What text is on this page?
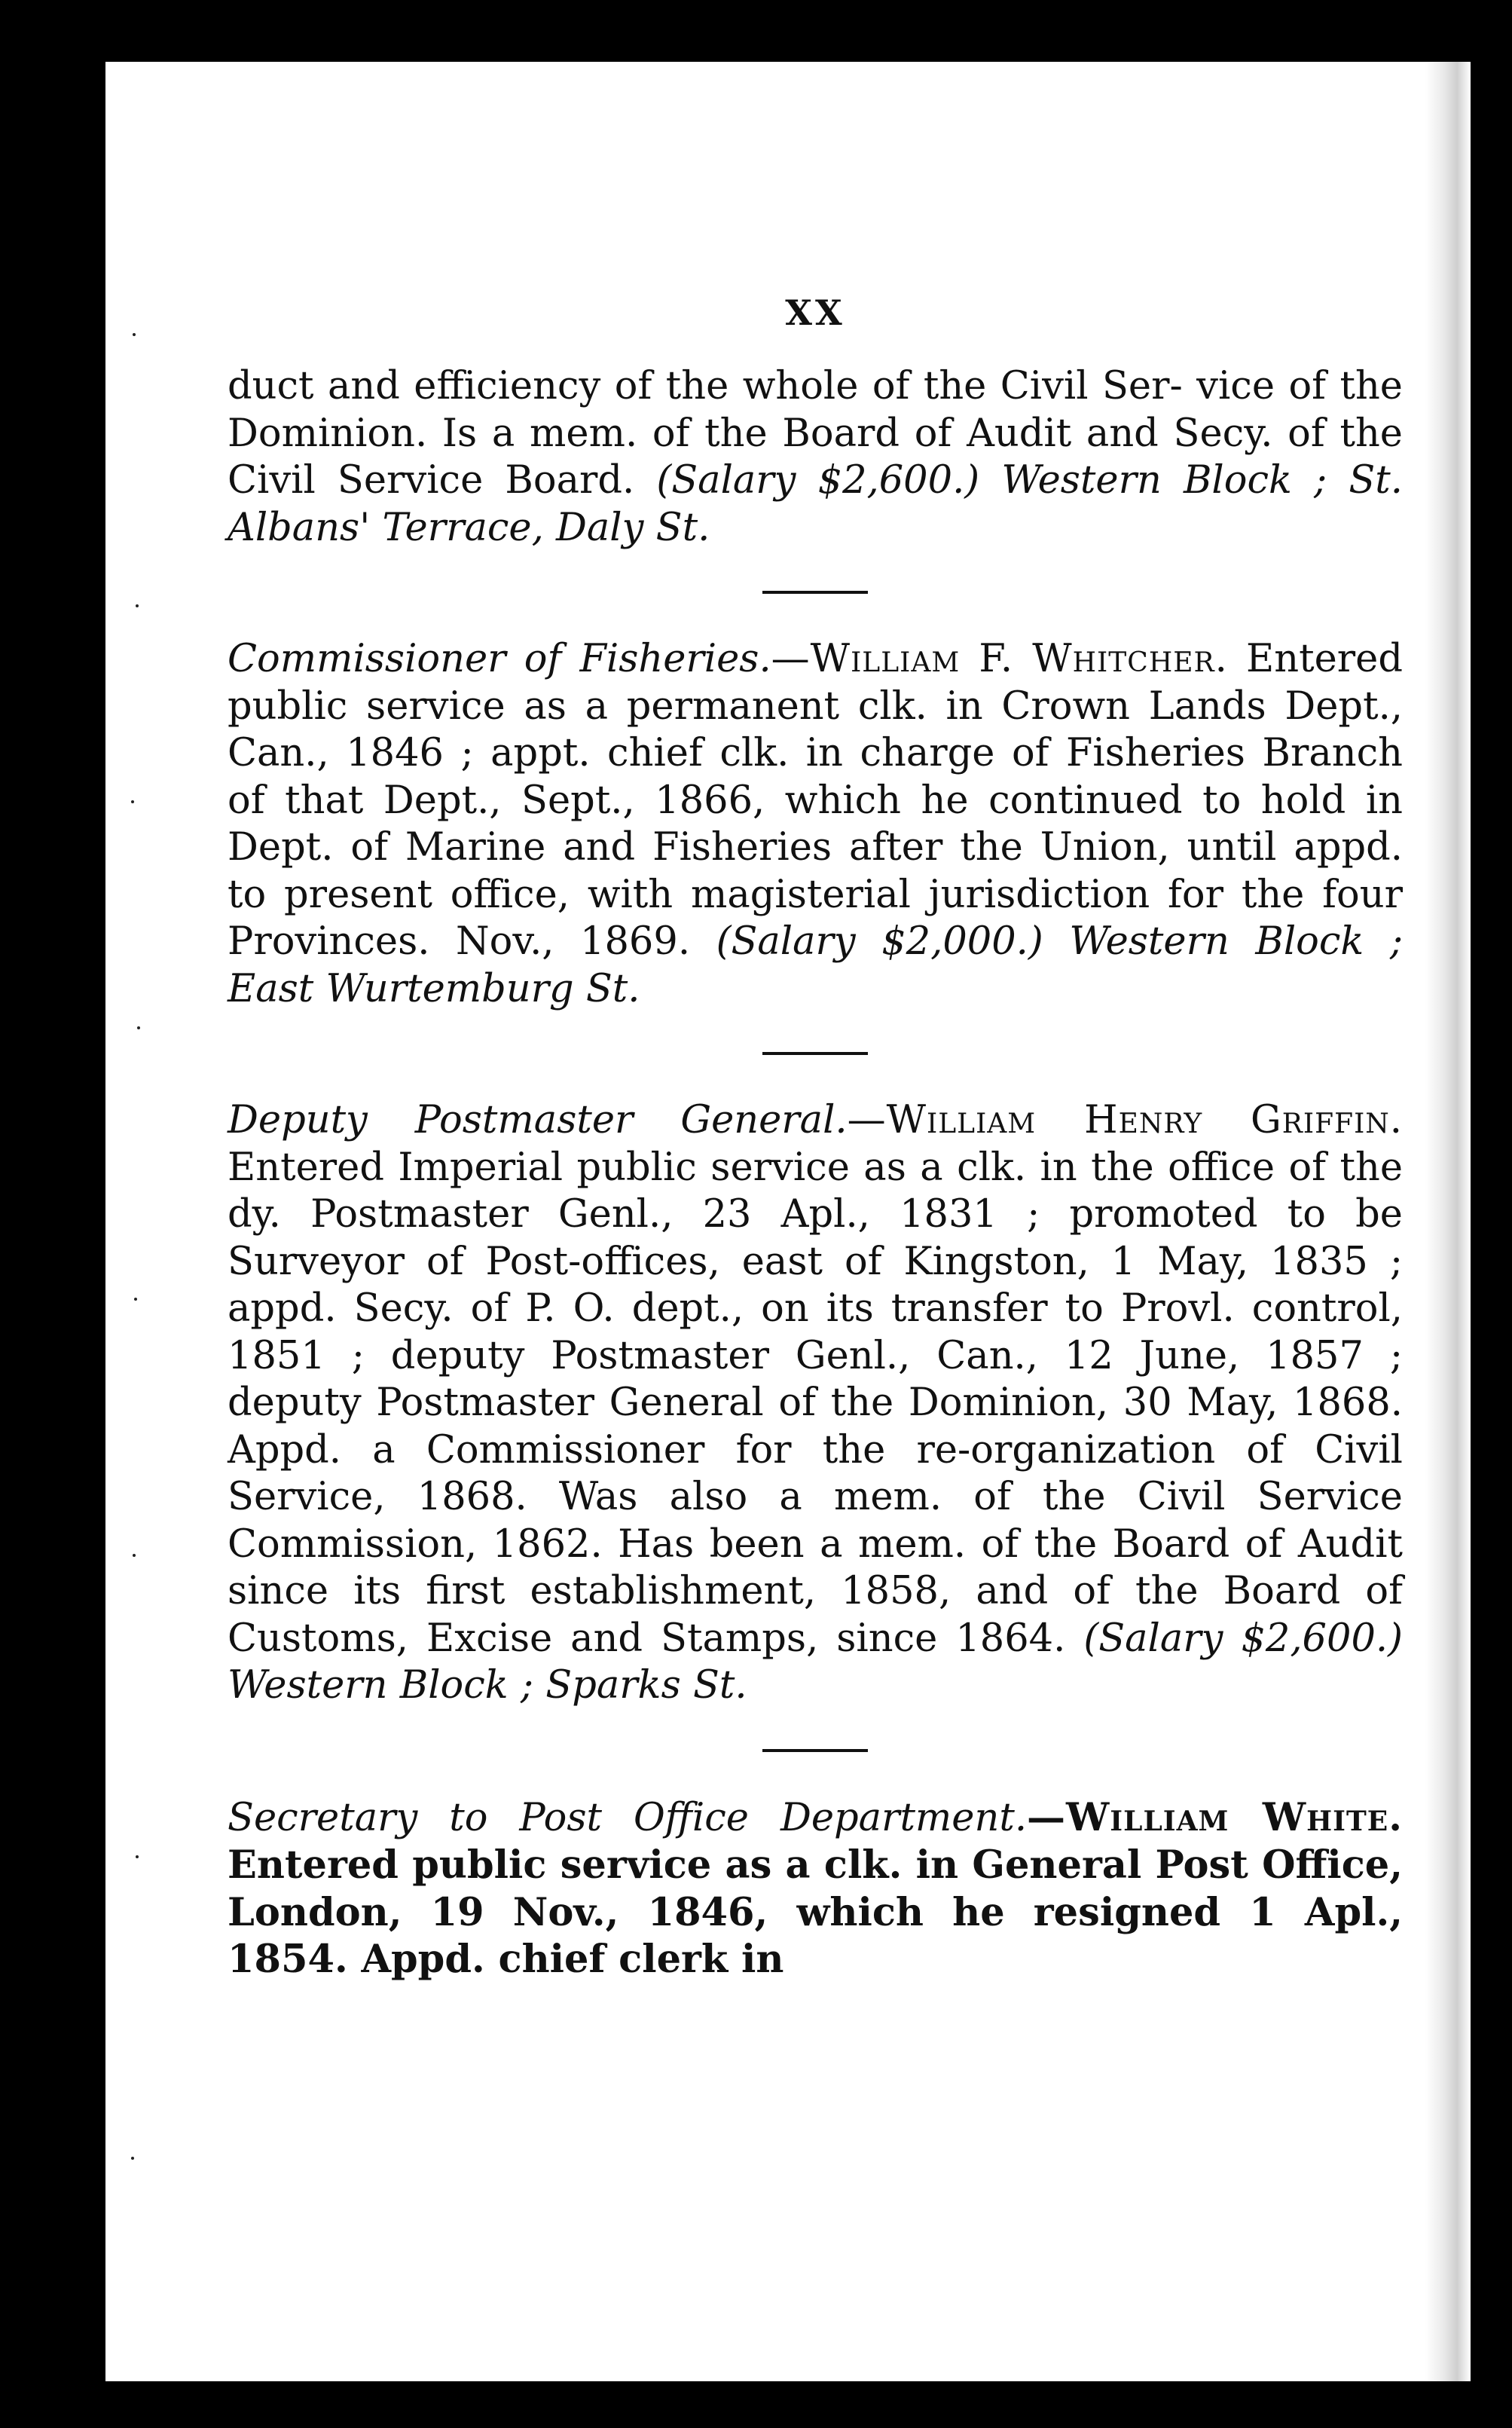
XX

duct and efficiency of the whole of the Civil Ser- vice of the Dominion. Is a mem. of the Board of Audit and Secy. of the Civil Service Board. (Salary $2,600.) Western Block ; St. Albans' Terrace, Daly St.

Commissioner of Fisheries.—William F. Whitcher. Entered public service as a permanent clk. in Crown Lands Dept., Can., 1846 ; appt. chief clk. in charge of Fisheries Branch of that Dept., Sept., 1866, which he continued to hold in Dept. of Marine and Fisheries after the Union, until appd. to present office, with magisterial jurisdiction for the four Provinces. Nov., 1869. (Salary $2,000.) Western Block ; East Wurtemburg St.

Deputy Postmaster General.—William Henry Griffin. Entered Imperial public service as a clk. in the office of the dy. Postmaster Genl., 23 Apl., 1831 ; promoted to be Surveyor of Post-offices, east of Kingston, 1 May, 1835 ; appd. Secy. of P. O. dept., on its transfer to Provl. control, 1851 ; deputy Postmaster Genl., Can., 12 June, 1857 ; deputy Postmaster General of the Dominion, 30 May, 1868. Appd. a Commissioner for the re-organization of Civil Service, 1868. Was also a mem. of the Civil Service Commission, 1862. Has been a mem. of the Board of Audit since its first establishment, 1858, and of the Board of Customs, Excise and Stamps, since 1864. (Salary $2,600.) Western Block ; Sparks St.

Secretary to Post Office Department.—William White. Entered public service as a clk. in General Post Office, London, 19 Nov., 1846, which he resigned 1 Apl., 1854. Appd. chief clerk in
